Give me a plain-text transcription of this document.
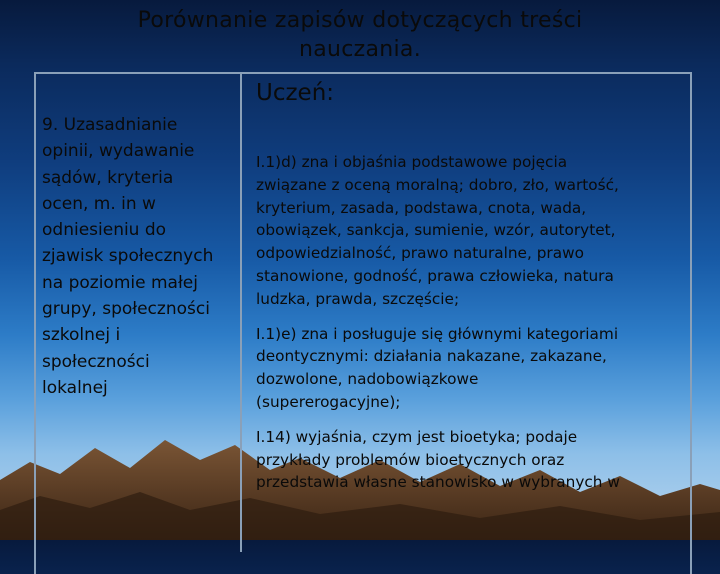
Porównanie zapisów dotyczących treści
nauczania.
Uczeń:
9. Uzasadnianie
opinii, wydawanie
sądów, kryteria
ocen, m. in w
odniesieniu do
zjawisk społecznych
na poziomie małej
grupy, społeczności
szkolnej i
społeczności
lokalnej
I.1)d) zna i objaśnia podstawowe pojęcia
związane z oceną moralną; dobro, zło, wartość,
kryterium, zasada, podstawa, cnota, wada,
obowiązek, sankcja, sumienie, wzór, autorytet,
odpowiedzialność, prawo naturalne, prawo
stanowione, godność, prawa człowieka, natura
ludzka, prawda, szczęście;
I.1)e) zna i posługuje się głównymi kategoriami
deontycznymi: działania nakazane, zakazane,
dozwolone, nadobowiązkowe
(supererogacyjne);
I.14) wyjaśnia, czym jest bioetyka; podaje
przykłady problemów bioetycznych oraz
przedstawia własne stanowisko w wybranych w
